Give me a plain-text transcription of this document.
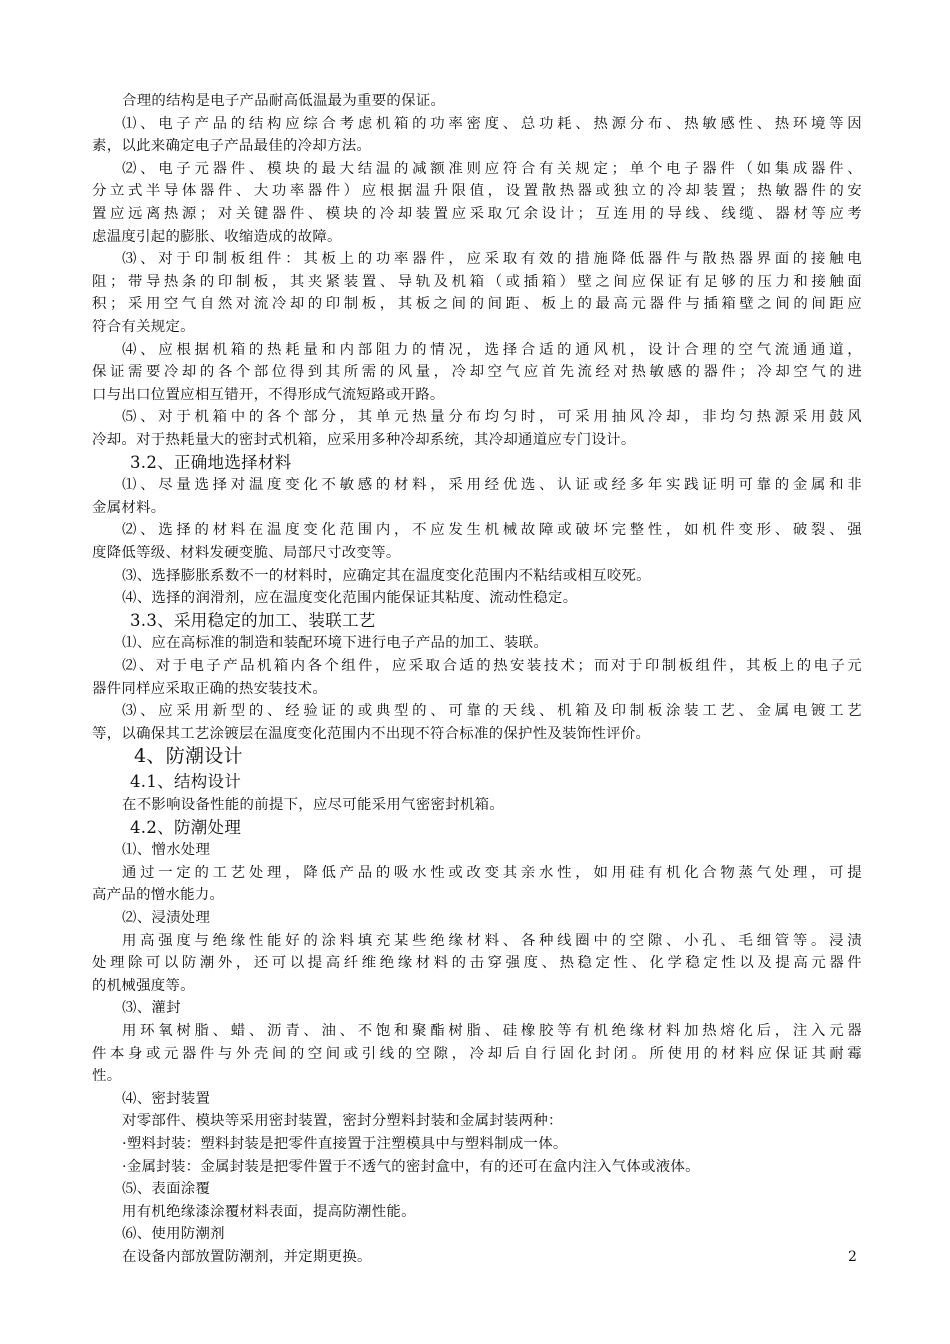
合理的结构是电子产品耐高低温最为重要的保证。
⑴、电子产品的结构应综合考虑机箱的功率密度、总功耗、热源分布、热敏感性、热环境等因
素，以此来确定电子产品最佳的冷却方法。
⑵、电子元器件、模块的最大结温的减额准则应符合有关规定；单个电子器件（如集成器件、
分立式半导体器件、大功率器件）应根据温升限值，设置散热器或独立的冷却装置；热敏器件的安
置应远离热源；对关键器件、模块的冷却装置应采取冗余设计；互连用的导线、线缆、器材等应考
虑温度引起的膨胀、收缩造成的故障。
⑶、对于印制板组件：其板上的功率器件，应采取有效的措施降低器件与散热器界面的接触电
阻；带导热条的印制板，其夹紧装置、导轨及机箱（或插箱）壁之间应保证有足够的压力和接触面
积；采用空气自然对流冷却的印制板，其板之间的间距、板上的最高元器件与插箱壁之间的间距应
符合有关规定。
⑷、应根据机箱的热耗量和内部阻力的情况，选择合适的通风机，设计合理的空气流通通道，
保证需要冷却的各个部位得到其所需的风量，冷却空气应首先流经对热敏感的器件；冷却空气的进
口与出口位置应相互错开，不得形成气流短路或开路。
⑸、对于机箱中的各个部分，其单元热量分布均匀时，可采用抽风冷却，非均匀热源采用鼓风
冷却。对于热耗量大的密封式机箱，应采用多种冷却系统，其冷却通道应专门设计。
3.2、正确地选择材料
⑴、尽量选择对温度变化不敏感的材料，采用经优选、认证或经多年实践证明可靠的金属和非
金属材料。
⑵、选择的材料在温度变化范围内，不应发生机械故障或破坏完整性，如机件变形、破裂、强
度降低等级、材料发硬变脆、局部尺寸改变等。
⑶、选择膨胀系数不一的材料时，应确定其在温度变化范围内不粘结或相互咬死。
⑷、选择的润滑剂，应在温度变化范围内能保证其粘度、流动性稳定。
3.3、采用稳定的加工、装联工艺
⑴、应在高标准的制造和装配环境下进行电子产品的加工、装联。
⑵、对于电子产品机箱内各个组件，应采取合适的热安装技术；而对于印制板组件，其板上的电子元
器件同样应采取正确的热安装技术。
⑶、应采用新型的、经验证的或典型的、可靠的天线、机箱及印制板涂装工艺、金属电镀工艺
等，以确保其工艺涂镀层在温度变化范围内不出现不符合标准的保护性及装饰性评价。
4、防潮设计
4.1、结构设计
在不影响设备性能的前提下，应尽可能采用气密密封机箱。
4.2、防潮处理
⑴、憎水处理
通过一定的工艺处理，降低产品的吸水性或改变其亲水性，如用硅有机化合物蒸气处理，可提
高产品的憎水能力。
⑵、浸渍处理
用高强度与绝缘性能好的涂料填充某些绝缘材料、各种线圈中的空隙、小孔、毛细管等。浸渍
处理除可以防潮外，还可以提高纤维绝缘材料的击穿强度、热稳定性、化学稳定性以及提高元器件
的机械强度等。
⑶、灌封
用环氧树脂、蜡、沥青、油、不饱和聚酯树脂、硅橡胶等有机绝缘材料加热熔化后，注入元器
件本身或元器件与外壳间的空间或引线的空隙，冷却后自行固化封闭。所使用的材料应保证其耐霉
性。
⑷、密封装置
对零部件、模块等采用密封装置，密封分塑料封装和金属封装两种：
·塑料封装：塑料封装是把零件直接置于注塑模具中与塑料制成一体。
·金属封装：金属封装是把零件置于不透气的密封盒中，有的还可在盒内注入气体或液体。
⑸、表面涂覆
用有机绝缘漆涂覆材料表面，提高防潮性能。
⑹、使用防潮剂
在设备内部放置防潮剂，并定期更换。	2
